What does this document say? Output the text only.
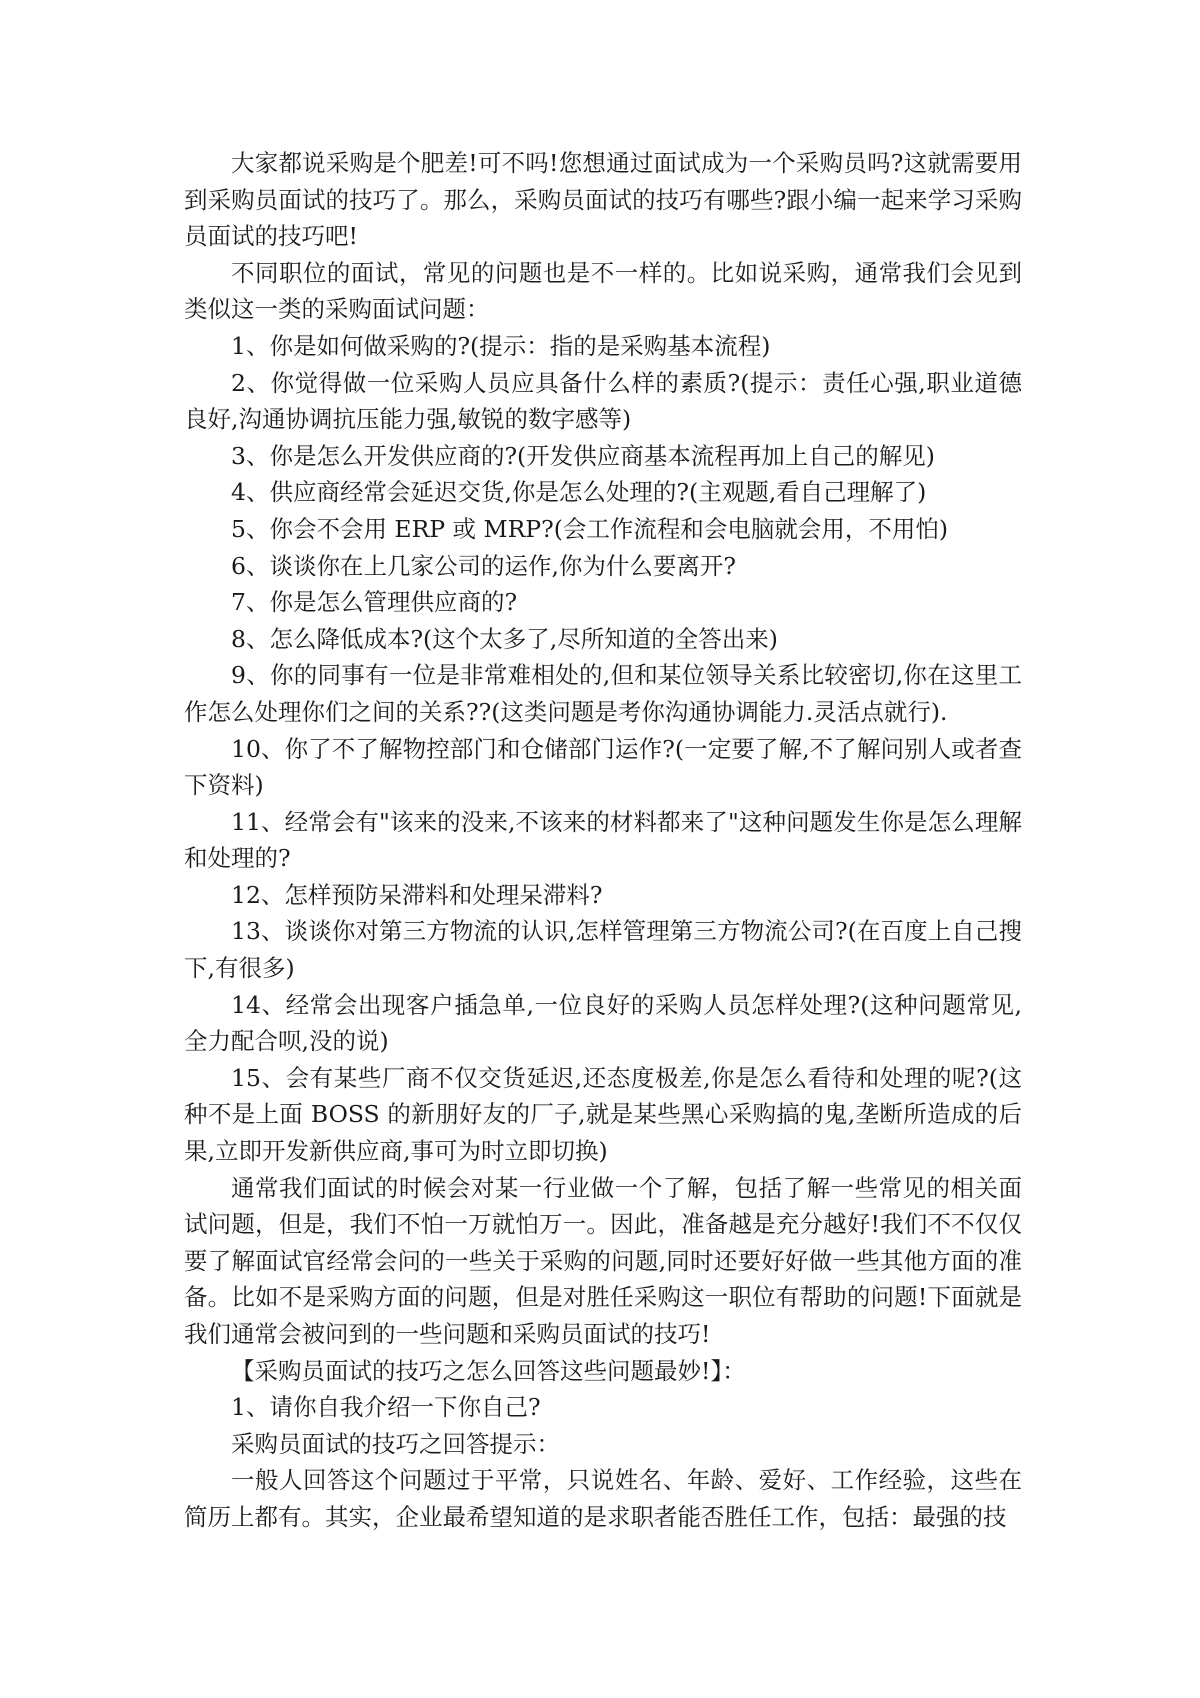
大家都说采购是个肥差!可不吗!您想通过面试成为一个采购员吗?这就需要用到采购员面试的技巧了。那么，采购员面试的技巧有哪些?跟小编一起来学习采购员面试的技巧吧!

不同职位的面试，常见的问题也是不一样的。比如说采购，通常我们会见到类似这一类的采购面试问题：

1、你是如何做采购的?(提示：指的是采购基本流程)

2、你觉得做一位采购人员应具备什么样的素质?(提示：责任心强,职业道德良好,沟通协调抗压能力强,敏锐的数字感等)

3、你是怎么开发供应商的?(开发供应商基本流程再加上自己的解见)

4、供应商经常会延迟交货,你是怎么处理的?(主观题,看自己理解了)

5、你会不会用 ERP 或 MRP?(会工作流程和会电脑就会用，不用怕)

6、谈谈你在上几家公司的运作,你为什么要离开?

7、你是怎么管理供应商的?

8、怎么降低成本?(这个太多了,尽所知道的全答出来)

9、你的同事有一位是非常难相处的,但和某位领导关系比较密切,你在这里工作怎么处理你们之间的关系??(这类问题是考你沟通协调能力.灵活点就行).

10、你了不了解物控部门和仓储部门运作?(一定要了解,不了解问别人或者查下资料)

11、经常会有"该来的没来,不该来的材料都来了"这种问题发生你是怎么理解和处理的?

12、怎样预防呆滞料和处理呆滞料?

13、谈谈你对第三方物流的认识,怎样管理第三方物流公司?(在百度上自己搜下,有很多)

14、经常会出现客户插急单,一位良好的采购人员怎样处理?(这种问题常见,全力配合呗,没的说)

15、会有某些厂商不仅交货延迟,还态度极差,你是怎么看待和处理的呢?(这种不是上面 BOSS 的新朋好友的厂子,就是某些黑心采购搞的鬼,垄断所造成的后果,立即开发新供应商,事可为时立即切换)

通常我们面试的时候会对某一行业做一个了解，包括了解一些常见的相关面试问题，但是，我们不怕一万就怕万一。因此，准备越是充分越好!我们不不仅仅要了解面试官经常会问的一些关于采购的问题,同时还要好好做一些其他方面的准备。比如不是采购方面的问题，但是对胜任采购这一职位有帮助的问题!下面就是我们通常会被问到的一些问题和采购员面试的技巧!

【采购员面试的技巧之怎么回答这些问题最妙!】：

1、请你自我介绍一下你自己?

采购员面试的技巧之回答提示：

一般人回答这个问题过于平常，只说姓名、年龄、爱好、工作经验，这些在简历上都有。其实，企业最希望知道的是求职者能否胜任工作，包括：最强的技
